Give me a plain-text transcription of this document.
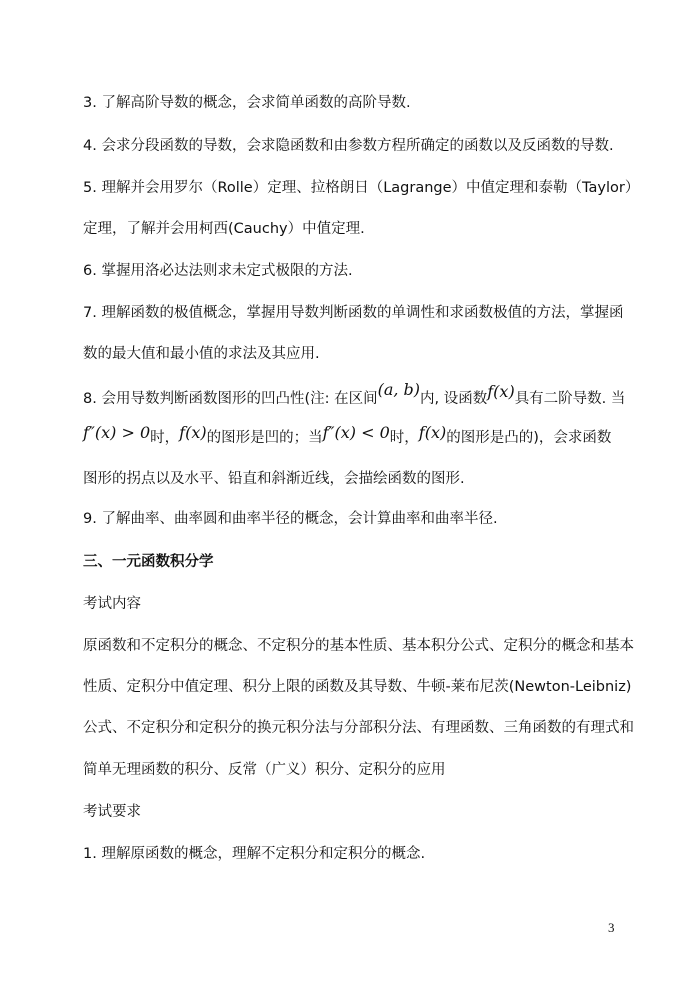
3. 了解高阶导数的概念，会求简单函数的高阶导数.
4. 会求分段函数的导数，会求隐函数和由参数方程所确定的函数以及反函数的导数.
5. 理解并会用罗尔（Rolle）定理、拉格朗日（Lagrange）中值定理和泰勒（Taylor）
定理，了解并会用柯西(Cauchy）中值定理.
6. 掌握用洛必达法则求未定式极限的方法.
7. 理解函数的极值概念，掌握用导数判断函数的单调性和求函数极值的方法，掌握函
数的最大值和最小值的求法及其应用.
8. 会用导数判断函数图形的凹凸性(注: 在区间(a, b)内, 设函数f(x)具有二阶导数. 当
f″(x) > 0时，f(x)的图形是凹的；当f″(x) < 0时，f(x)的图形是凸的)，会求函数
图形的拐点以及水平、铅直和斜渐近线，会描绘函数的图形.
9. 了解曲率、曲率圆和曲率半径的概念，会计算曲率和曲率半径.
三、一元函数积分学
考试内容
原函数和不定积分的概念、不定积分的基本性质、基本积分公式、定积分的概念和基本
性质、定积分中值定理、积分上限的函数及其导数、牛顿-莱布尼茨(Newton-Leibniz)
公式、不定积分和定积分的换元积分法与分部积分法、有理函数、三角函数的有理式和
简单无理函数的积分、反常（广义）积分、定积分的应用
考试要求
1. 理解原函数的概念，理解不定积分和定积分的概念.
3
